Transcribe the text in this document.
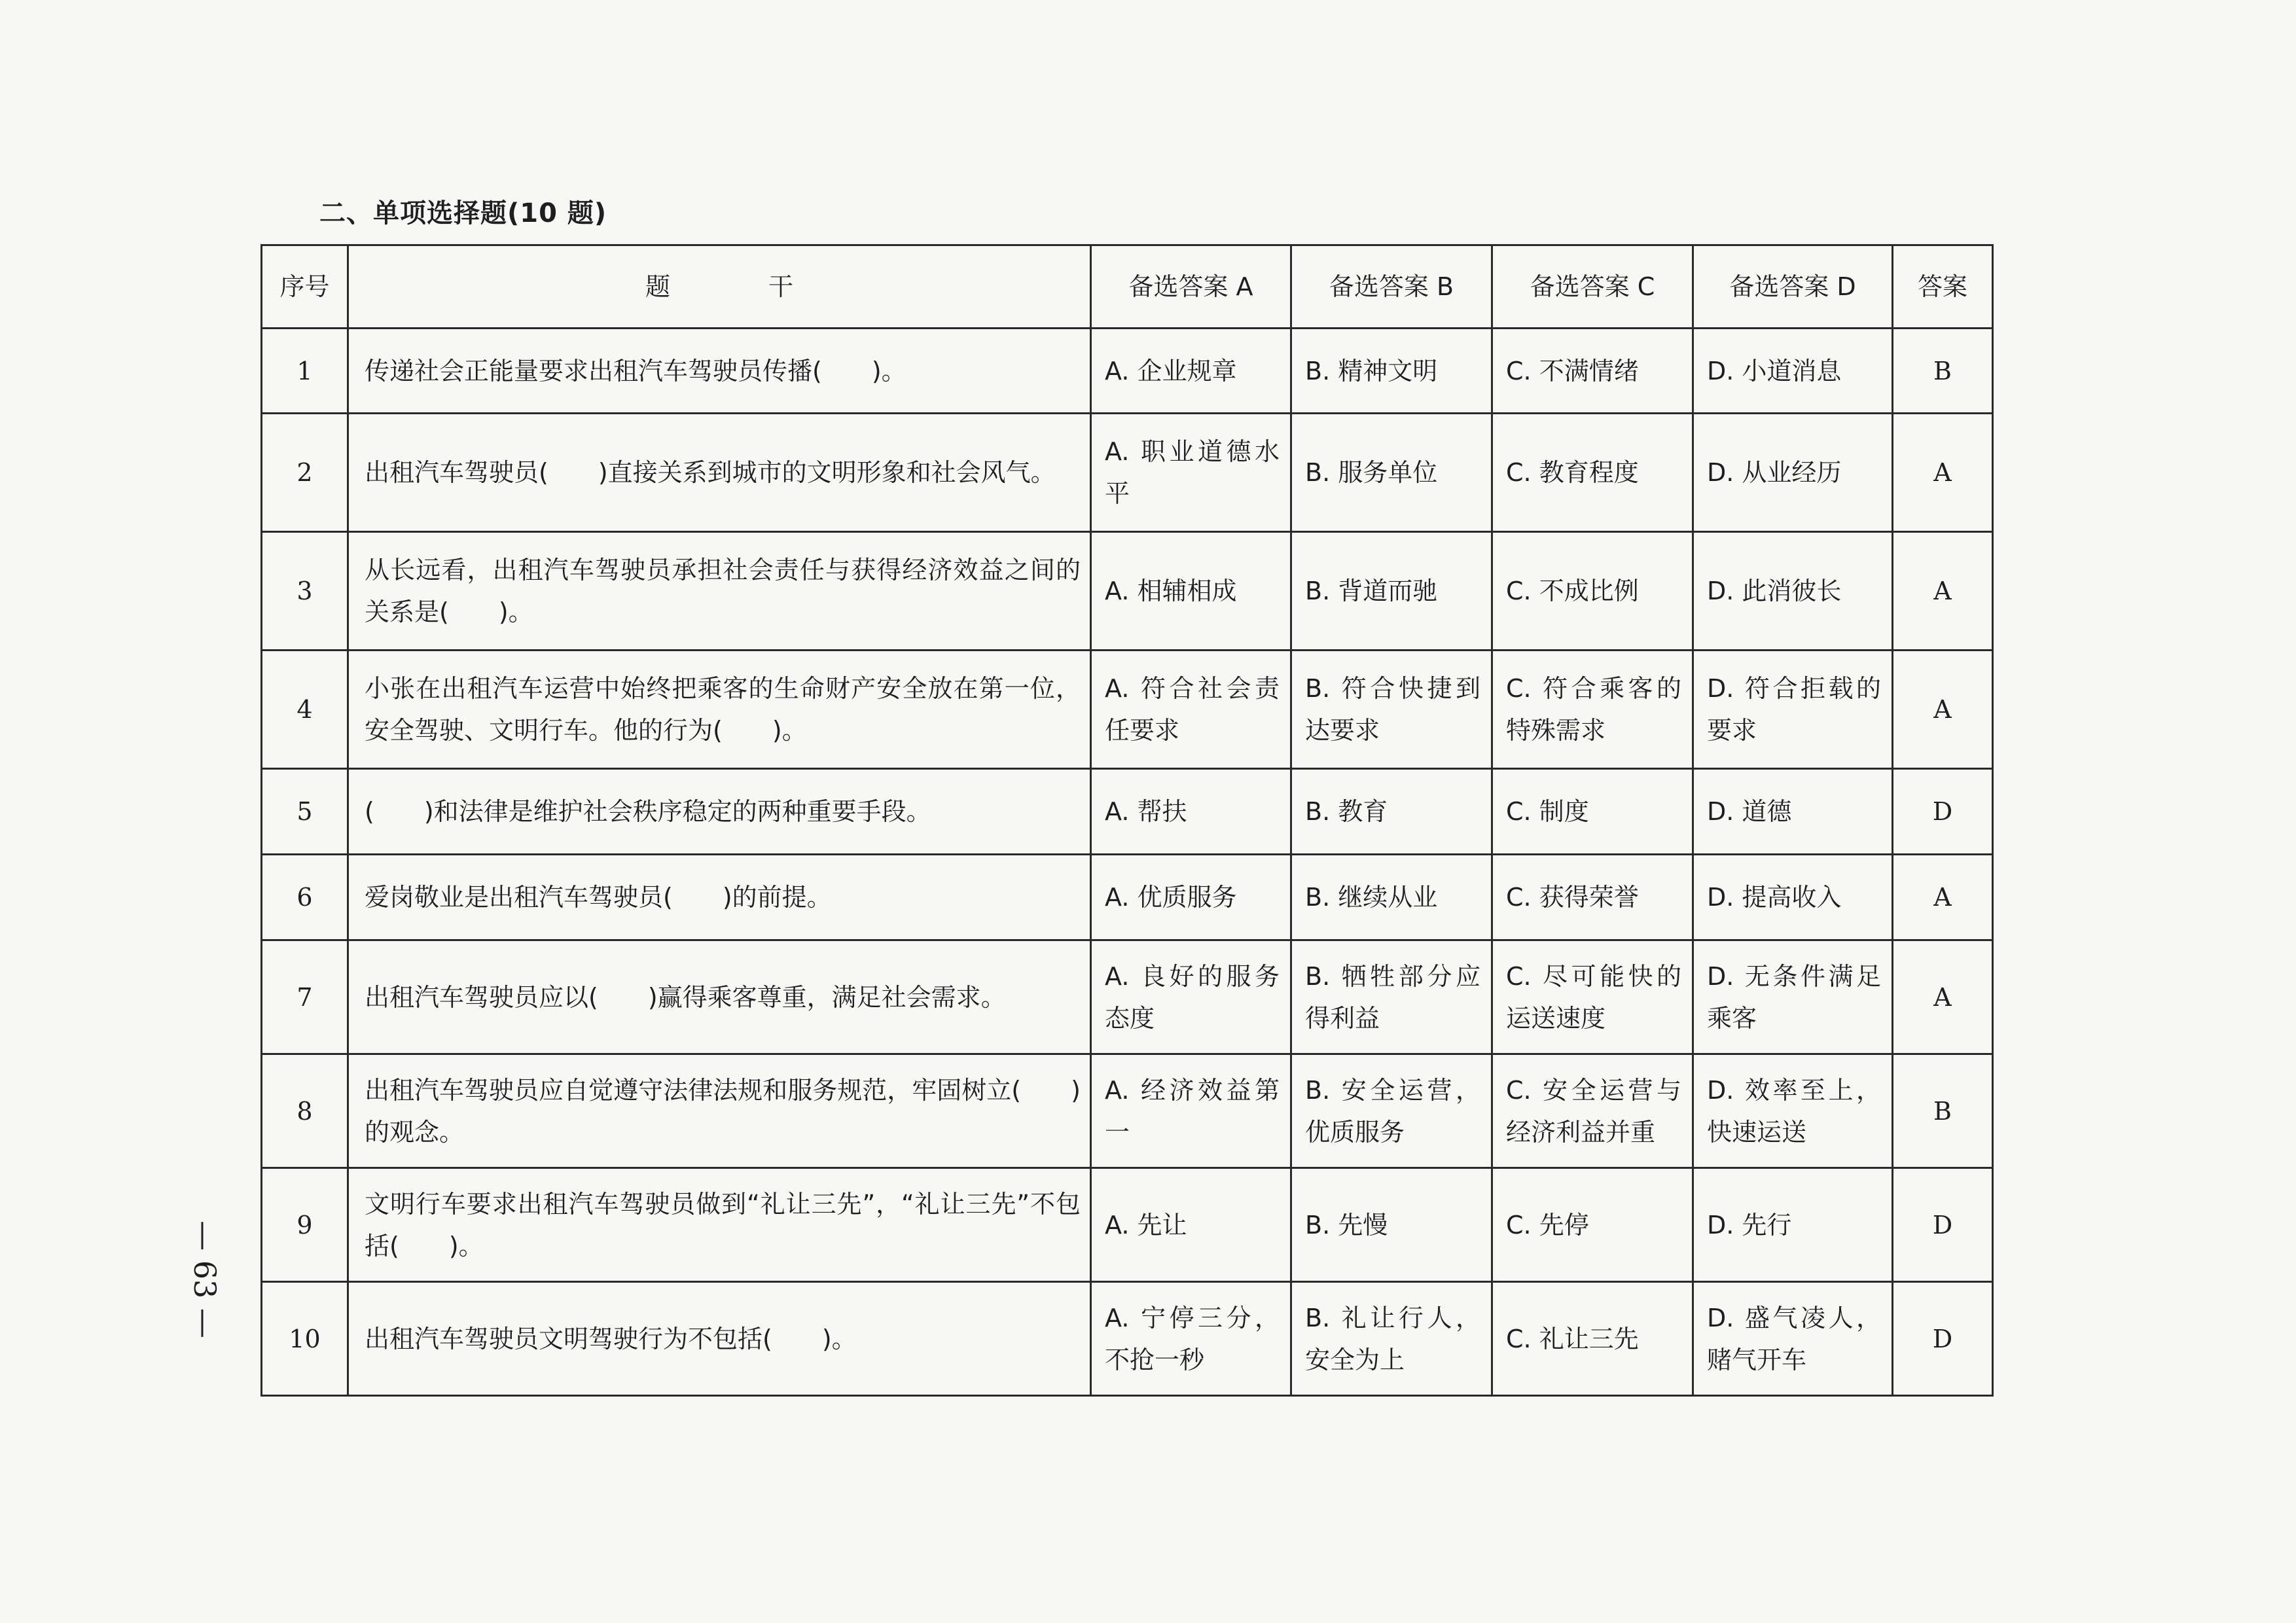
二、单项选择题(10 题)
序号	题干	备选答案 A	备选答案 B	备选答案 C	备选答案 D	答案
1	传递社会正能量要求出租汽车驾驶员传播(　　)。	A. 企业规章	B. 精神文明	C. 不满情绪	D. 小道消息	B
2	出租汽车驾驶员(　　)直接关系到城市的文明形象和社会风气。	A. 职业道德水平	B. 服务单位	C. 教育程度	D. 从业经历	A
3	从长远看，出租汽车驾驶员承担社会责任与获得经济效益之间的关系是(　　)。	A. 相辅相成	B. 背道而驰	C. 不成比例	D. 此消彼长	A
4	小张在出租汽车运营中始终把乘客的生命财产安全放在第一位，安全驾驶、文明行车。他的行为(　　)。	A. 符合社会责任要求	B. 符合快捷到达要求	C. 符合乘客的特殊需求	D. 符合拒载的要求	A
5	(　　)和法律是维护社会秩序稳定的两种重要手段。	A. 帮扶	B. 教育	C. 制度	D. 道德	D
6	爱岗敬业是出租汽车驾驶员(　　)的前提。	A. 优质服务	B. 继续从业	C. 获得荣誉	D. 提高收入	A
7	出租汽车驾驶员应以(　　)赢得乘客尊重，满足社会需求。	A. 良好的服务态度	B. 牺牲部分应得利益	C. 尽可能快的运送速度	D. 无条件满足乘客	A
8	出租汽车驾驶员应自觉遵守法律法规和服务规范，牢固树立(　　)的观念。	A. 经济效益第一	B. 安全运营，优质服务	C. 安全运营与经济利益并重	D. 效率至上，快速运送	B
9	文明行车要求出租汽车驾驶员做到“礼让三先”，“礼让三先”不包括(　　)。	A. 先让	B. 先慢	C. 先停	D. 先行	D
10	出租汽车驾驶员文明驾驶行为不包括(　　)。	A. 宁停三分，不抢一秒	B. 礼让行人，安全为上	C. 礼让三先	D. 盛气凌人，赌气开车	D
— 63 —
